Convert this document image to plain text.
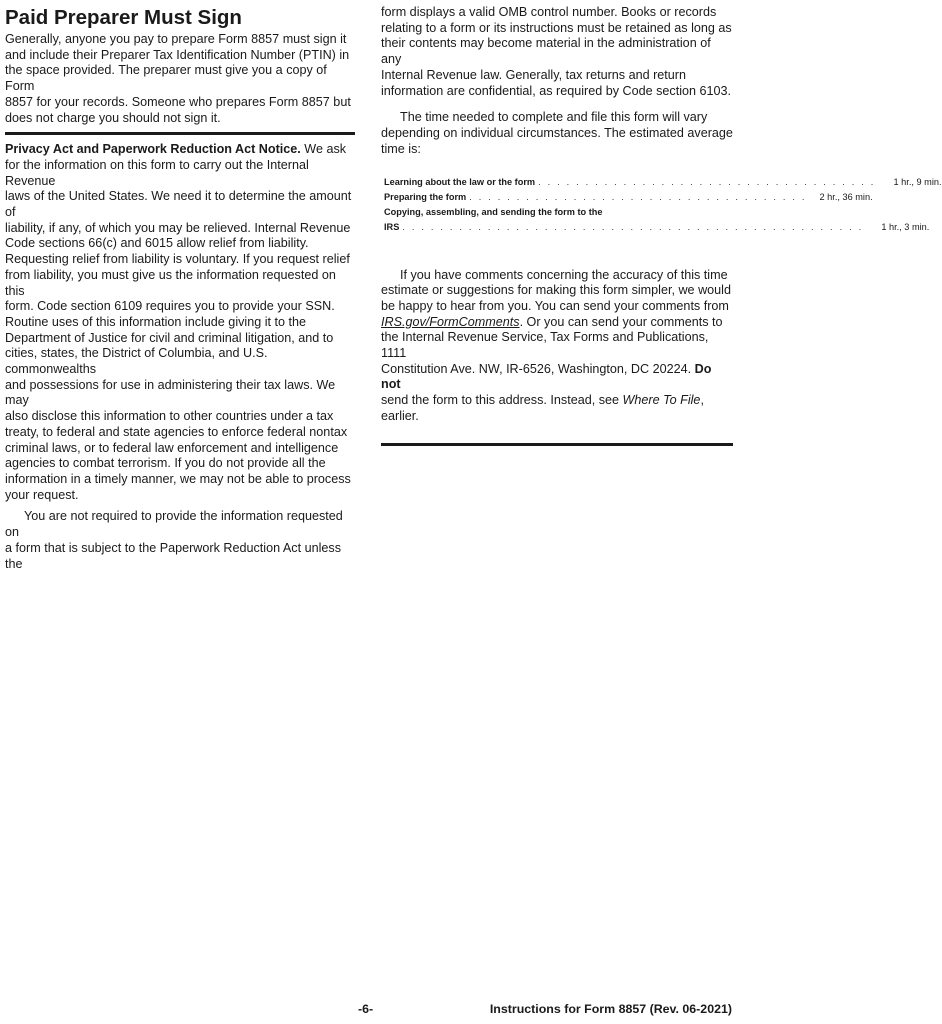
Paid Preparer Must Sign

Generally, anyone you pay to prepare Form 8857 must sign it
and include their Preparer Tax Identification Number (PTIN) in
the space provided. The preparer must give you a copy of Form
8857 for your records. Someone who prepares Form 8857 but
does not charge you should not sign it.

Privacy Act and Paperwork Reduction Act Notice. We ask
for the information on this form to carry out the Internal Revenue
laws of the United States. We need it to determine the amount of
liability, if any, of which you may be relieved. Internal Revenue
Code sections 66(c) and 6015 allow relief from liability.
Requesting relief from liability is voluntary. If you request relief
from liability, you must give us the information requested on this
form. Code section 6109 requires you to provide your SSN.
Routine uses of this information include giving it to the
Department of Justice for civil and criminal litigation, and to
cities, states, the District of Columbia, and U.S. commonwealths
and possessions for use in administering their tax laws. We may
also disclose this information to other countries under a tax
treaty, to federal and state agencies to enforce federal nontax
criminal laws, or to federal law enforcement and intelligence
agencies to combat terrorism. If you do not provide all the
information in a timely manner, we may not be able to process
your request.

You are not required to provide the information requested on
a form that is subject to the Paperwork Reduction Act unless the

form displays a valid OMB control number. Books or records
relating to a form or its instructions must be retained as long as
their contents may become material in the administration of any
Internal Revenue law. Generally, tax returns and return
information are confidential, as required by Code section 6103.

The time needed to complete and file this form will vary
depending on individual circumstances. The estimated average
time is:

Learning about the law or the form . . . . . . . . . . . . . . . . . . . . . . . . . . . . . . . . . . . .	1 hr., 9 min.
Preparing the form . . . . . . . . . . . . . . . . . . . . . . . . . . . . . . . . . . . .	2 hr., 36 min.
Copying, assembling, and sending the form to the
IRS . . . . . . . . . . . . . . . . . . . . . . . . . . . . . . . . . . . . . . . . . . . . . . . . .	1 hr., 3 min.

If you have comments concerning the accuracy of this time
estimate or suggestions for making this form simpler, we would
be happy to hear from you. You can send your comments from
IRS.gov/FormComments. Or you can send your comments to
the Internal Revenue Service, Tax Forms and Publications, 1111
Constitution Ave. NW, IR-6526, Washington, DC 20224. Do not
send the form to this address. Instead, see Where To File,
earlier.

-6-	Instructions for Form 8857 (Rev. 06-2021)
